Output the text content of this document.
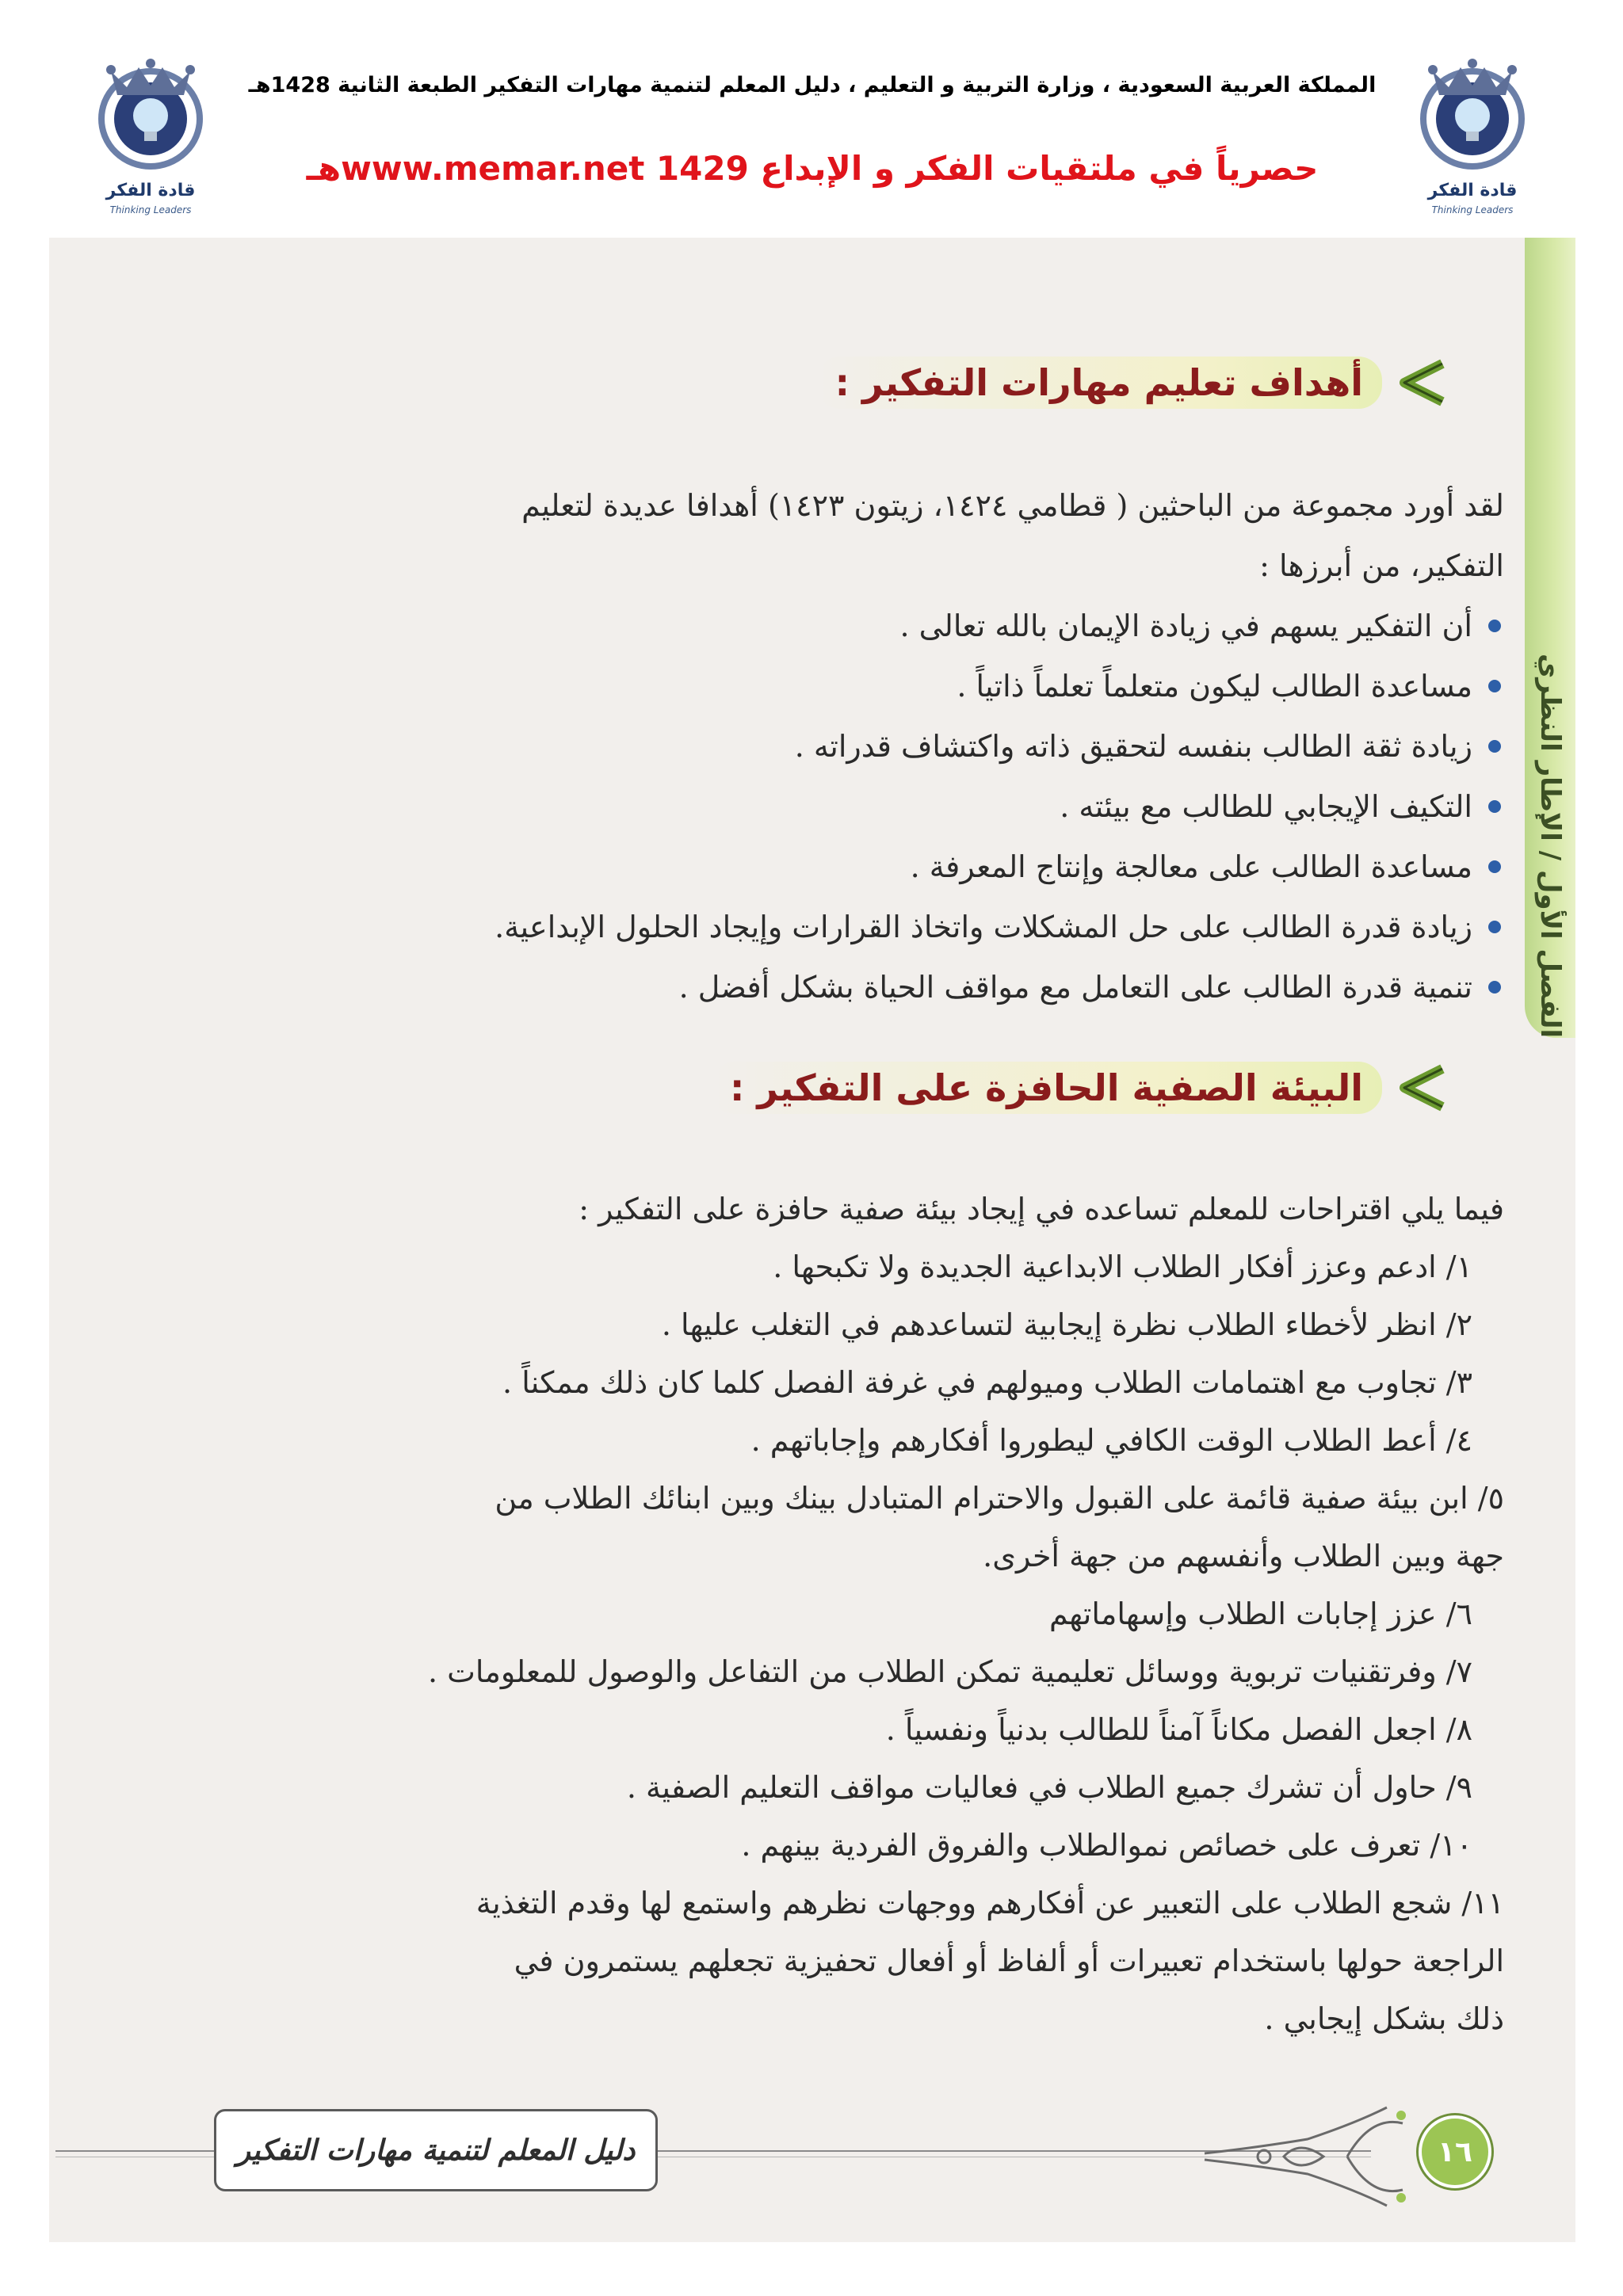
قادة الفكر
Thinking Leaders
قادة الفكر
Thinking Leaders
المملكة العربية السعودية ، وزارة التربية و التعليم ، دليل المعلم لتنمية مهارات التفكير الطبعة الثانية 1428هـ
حصرياً في ملتقيات الفكر و الإبداع www.memar.net 1429هـ
الفصل الأول / الإطار النظري
أهداف تعليم مهارات التفكير :
لقد أورد مجموعة من الباحثين ( قطامي ١٤٢٤، زيتون ١٤٢٣) أهدافا عديدة لتعليم
التفكير، من أبرزها :
أن التفكير يسهم في زيادة الإيمان بالله تعالى .
مساعدة الطالب ليكون متعلماً تعلماً ذاتياً .
زيادة ثقة الطالب بنفسه لتحقيق ذاته واكتشاف قدراته .
التكيف الإيجابي للطالب مع بيئته .
مساعدة الطالب على معالجة وإنتاج المعرفة .
زيادة قدرة الطالب على حل المشكلات واتخاذ القرارات وإيجاد الحلول الإبداعية.
تنمية قدرة الطالب على التعامل مع مواقف الحياة بشكل أفضل .
البيئة الصفية الحافزة على التفكير :
فيما يلي اقتراحات للمعلم تساعده في إيجاد بيئة صفية حافزة على التفكير :
١/ ادعم وعزز أفكار الطلاب الابداعية الجديدة ولا تكبحها .
٢/ انظر لأخطاء الطلاب نظرة إيجابية لتساعدهم في التغلب عليها .
٣/ تجاوب مع اهتمامات الطلاب وميولهم في غرفة الفصل كلما كان ذلك ممكناً .
٤/ أعط الطلاب الوقت الكافي ليطوروا أفكارهم وإجاباتهم .
٥/ ابن بيئة صفية قائمة على القبول والاحترام المتبادل بينك وبين ابنائك الطلاب من
جهة وبين الطلاب وأنفسهم من جهة أخرى.
٦/ عزز إجابات الطلاب وإسهاماتهم
٧/ وفرتقنيات تربوية ووسائل تعليمية تمكن الطلاب من التفاعل والوصول للمعلومات .
٨/ اجعل الفصل مكاناً آمناً للطالب بدنياً ونفسياً .
٩/ حاول أن تشرك جميع الطلاب في فعاليات مواقف التعليم الصفية .
١٠/ تعرف على خصائص نموالطلاب والفروق الفردية بينهم .
١١/ شجع الطلاب على التعبير عن أفكارهم ووجهات نظرهم واستمع لها وقدم التغذية
الراجعة حولها باستخدام تعبيرات أو ألفاظ أو أفعال تحفيزية تجعلهم يستمرون في
ذلك بشكل إيجابي .
دليل المعلم لتنمية مهارات التفكير	١٦
